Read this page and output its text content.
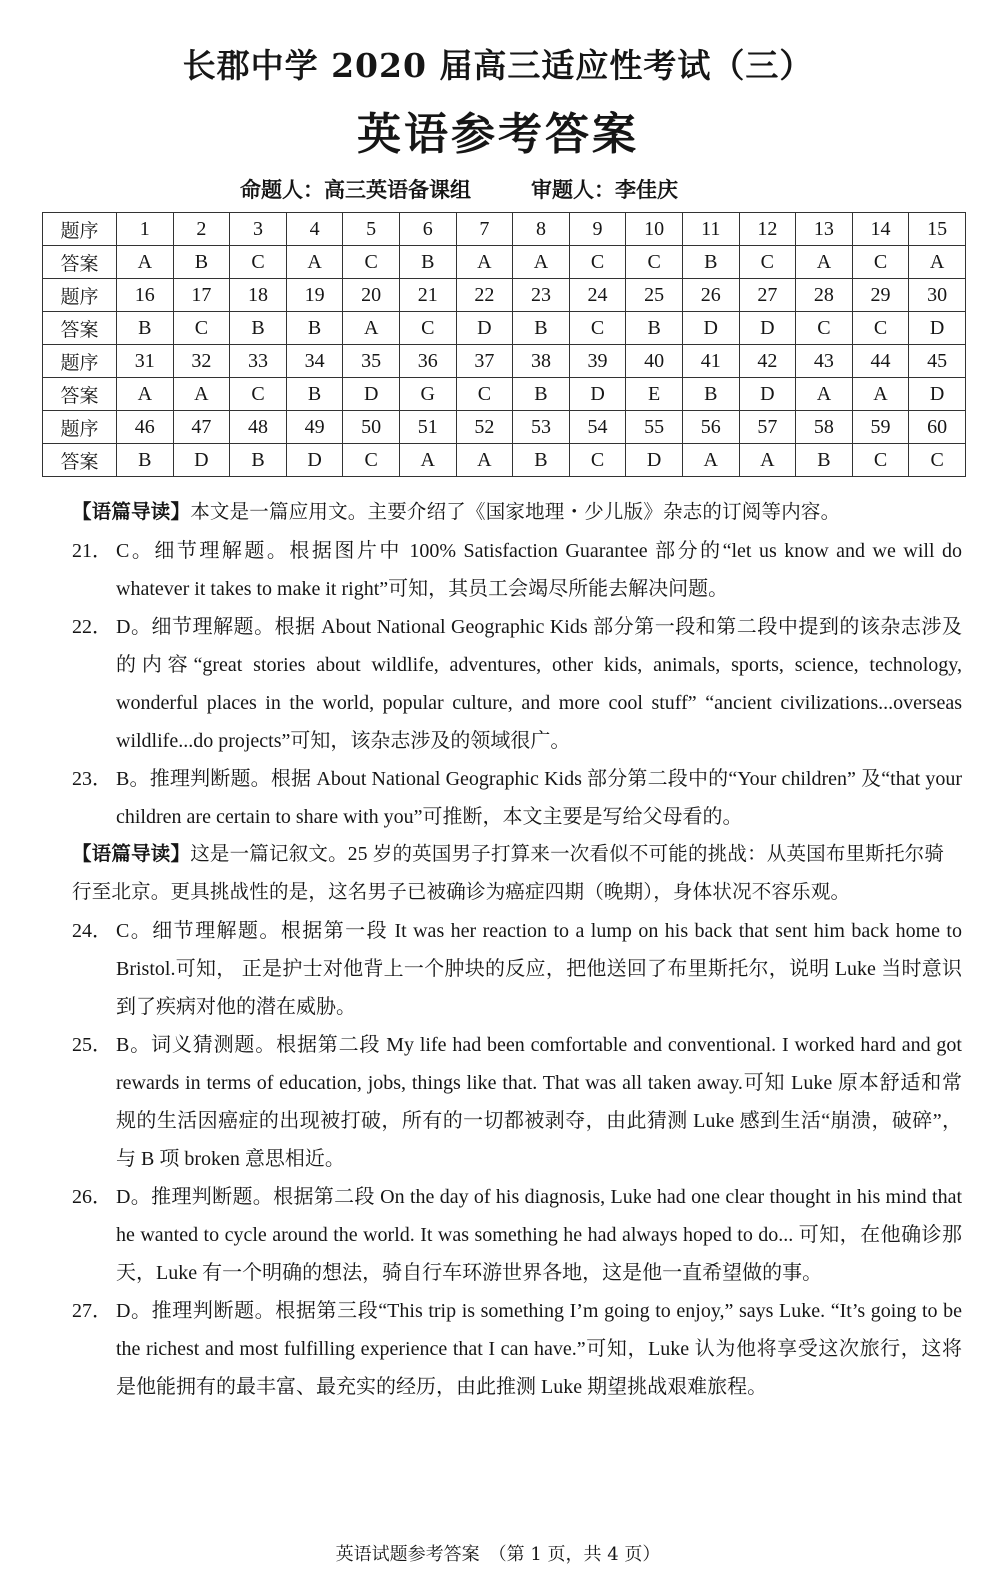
长郡中学 2020 届高三适应性考试（三）
英语参考答案
命题人：高三英语备课组	审题人：李佳庆
题序	1	2	3	4	5	6	7	8	9	10	11	12	13	14	15
答案	A	B	C	A	C	B	A	A	C	C	B	C	A	C	A
题序	16	17	18	19	20	21	22	23	24	25	26	27	28	29	30
答案	B	C	B	B	A	C	D	B	C	B	D	D	C	C	D
题序	31	32	33	34	35	36	37	38	39	40	41	42	43	44	45
答案	A	A	C	B	D	G	C	B	D	E	B	D	A	A	D
题序	46	47	48	49	50	51	52	53	54	55	56	57	58	59	60
答案	B	D	B	D	C	A	A	B	C	D	A	A	B	C	C

【语篇导读】本文是一篇应用文。主要介绍了《国家地理・少儿版》杂志的订阅等内容。

21． C。细节理解题。根据图片中 100% Satisfaction Guarantee 部分的“let us know and we will do whatever it takes to make it right”可知，其员工会竭尽所能去解决问题。

22． D。细节理解题。根据 About National Geographic Kids 部分第一段和第二段中提到的该杂志涉及的内容“great stories about wildlife, adventures, other kids, animals, sports, science, technology, wonderful places in the world, popular culture, and more cool stuff” “ancient civilizations...overseas wildlife...do projects”可知，该杂志涉及的领域很广。

23． B。推理判断题。根据 About National Geographic Kids 部分第二段中的“Your children” 及“that your children are certain to share with you”可推断，本文主要是写给父母看的。

【语篇导读】这是一篇记叙文。25 岁的英国男子打算来一次看似不可能的挑战：从英国布里斯托尔骑行至北京。更具挑战性的是，这名男子已被确诊为癌症四期（晚期），身体状况不容乐观。

24． C。细节理解题。根据第一段 It was her reaction to a lump on his back that sent him back home to Bristol.可知， 正是护士对他背上一个肿块的反应，把他送回了布里斯托尔，说明 Luke 当时意识到了疾病对他的潜在威胁。

25． B。词义猜测题。根据第二段 My life had been comfortable and conventional. I worked hard and got rewards in terms of education, jobs, things like that. That was all taken away.可知 Luke 原本舒适和常规的生活因癌症的出现被打破，所有的一切都被剥夺，由此猜测 Luke 感到生活“崩溃，破碎”，与 B 项 broken 意思相近。

26． D。推理判断题。根据第二段 On the day of his diagnosis, Luke had one clear thought in his mind that he wanted to cycle around the world. It was something he had always hoped to do... 可知，在他确诊那天，Luke 有一个明确的想法，骑自行车环游世界各地，这是他一直希望做的事。

27． D。推理判断题。根据第三段“This trip is something I’m going to enjoy,” says Luke. “It’s going to be the richest and most fulfilling experience that I can have.”可知，Luke 认为他将享受这次旅行，这将是他能拥有的最丰富、最充实的经历，由此推测 Luke 期望挑战艰难旅程。

英语试题参考答案　（第 1 页，共 4 页）
